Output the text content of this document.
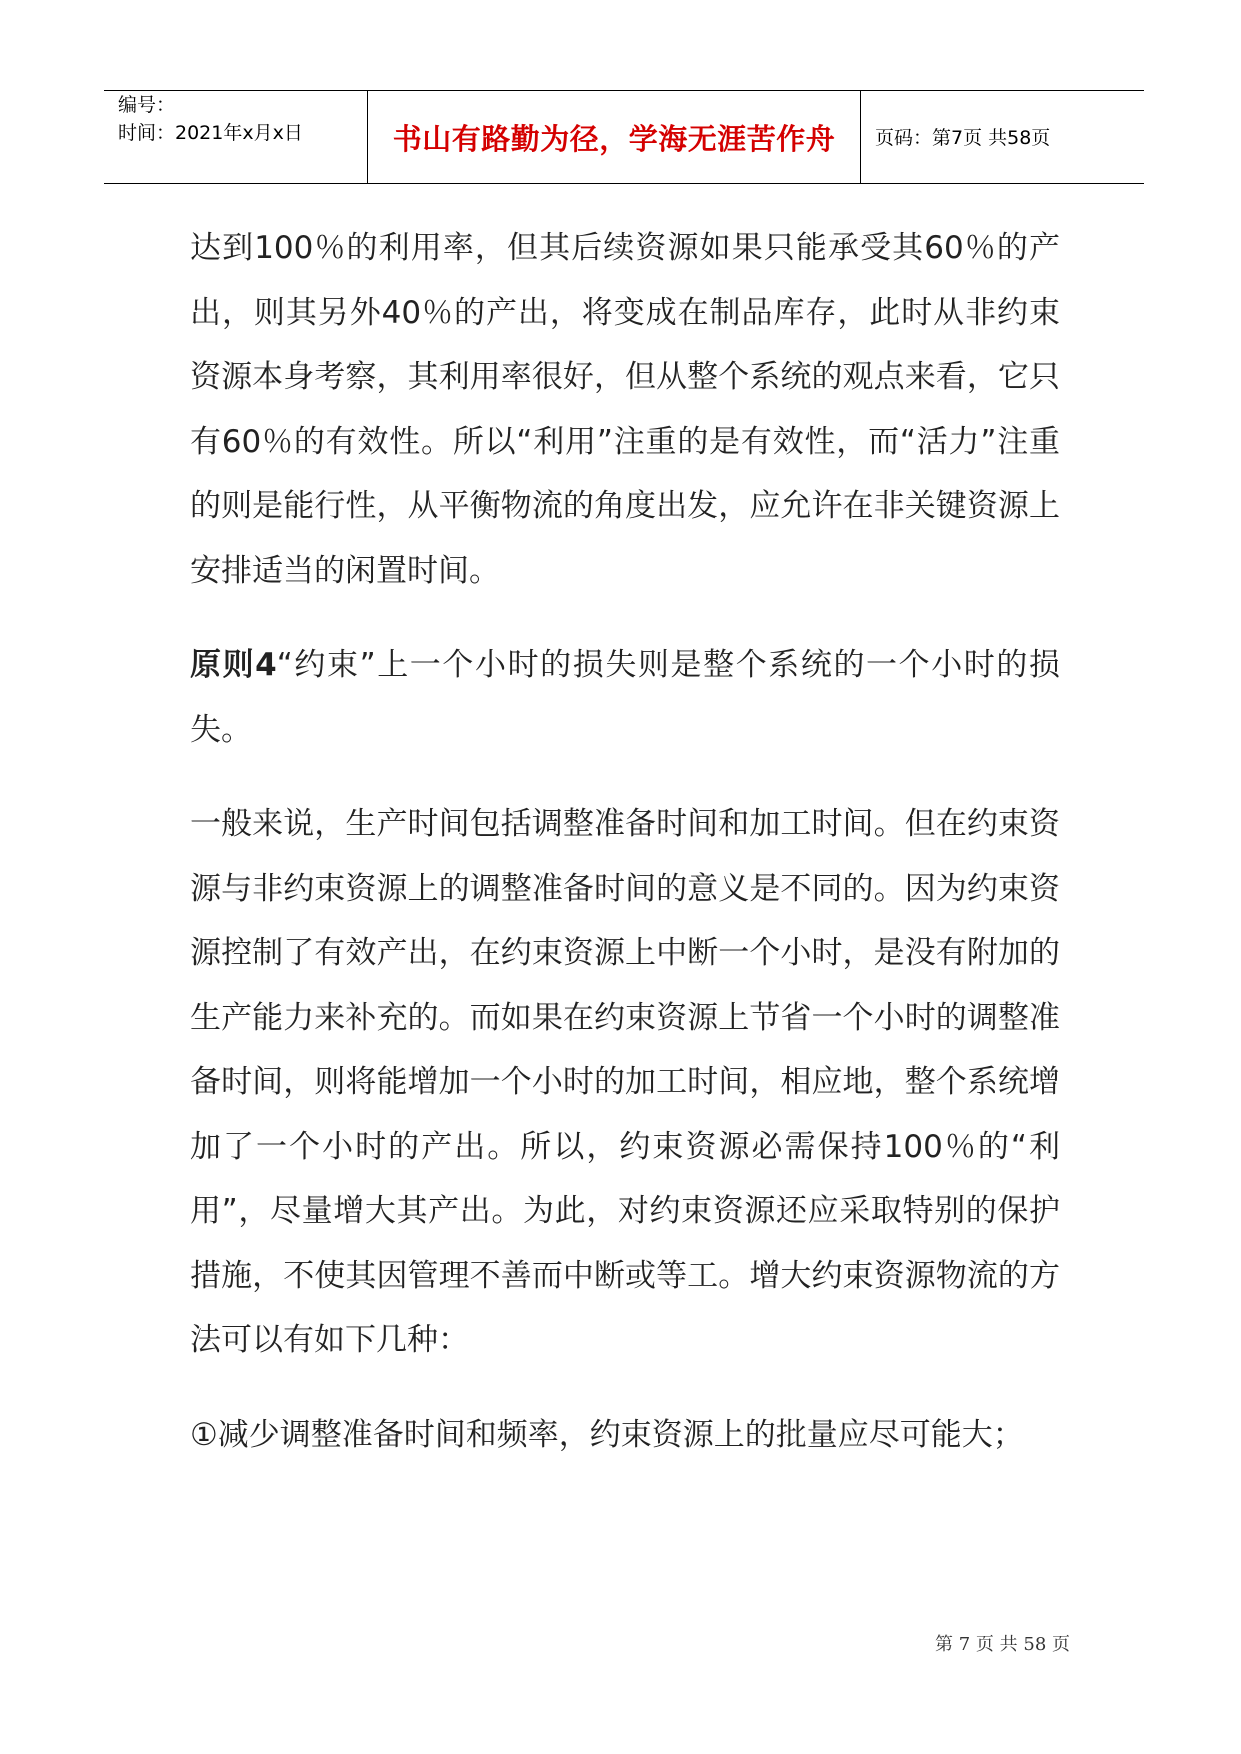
编号：
时间：2021年x月x日	书山有路勤为径，学海无涯苦作舟	页码：第7页 共58页

达到100％的利用率，但其后续资源如果只能承受其60％的产出，则其另外40％的产出，将变成在制品库存，此时从非约束资源本身考察，其利用率很好，但从整个系统的观点来看，它只有60％的有效性。所以“利用”注重的是有效性，而“活力”注重的则是能行性，从平衡物流的角度出发，应允许在非关键资源上安排适当的闲置时间。

原则4“约束”上一个小时的损失则是整个系统的一个小时的损失。

一般来说，生产时间包括调整准备时间和加工时间。但在约束资源与非约束资源上的调整准备时间的意义是不同的。因为约束资源控制了有效产出，在约束资源上中断一个小时，是没有附加的生产能力来补充的。而如果在约束资源上节省一个小时的调整准备时间，则将能增加一个小时的加工时间，相应地，整个系统增加了一个小时的产出。所以，约束资源必需保持100％的“利用”，尽量增大其产出。为此，对约束资源还应采取特别的保护措施，不使其因管理不善而中断或等工。增大约束资源物流的方法可以有如下几种：

①减少调整准备时间和频率，约束资源上的批量应尽可能大；

第 7 页 共 58 页
